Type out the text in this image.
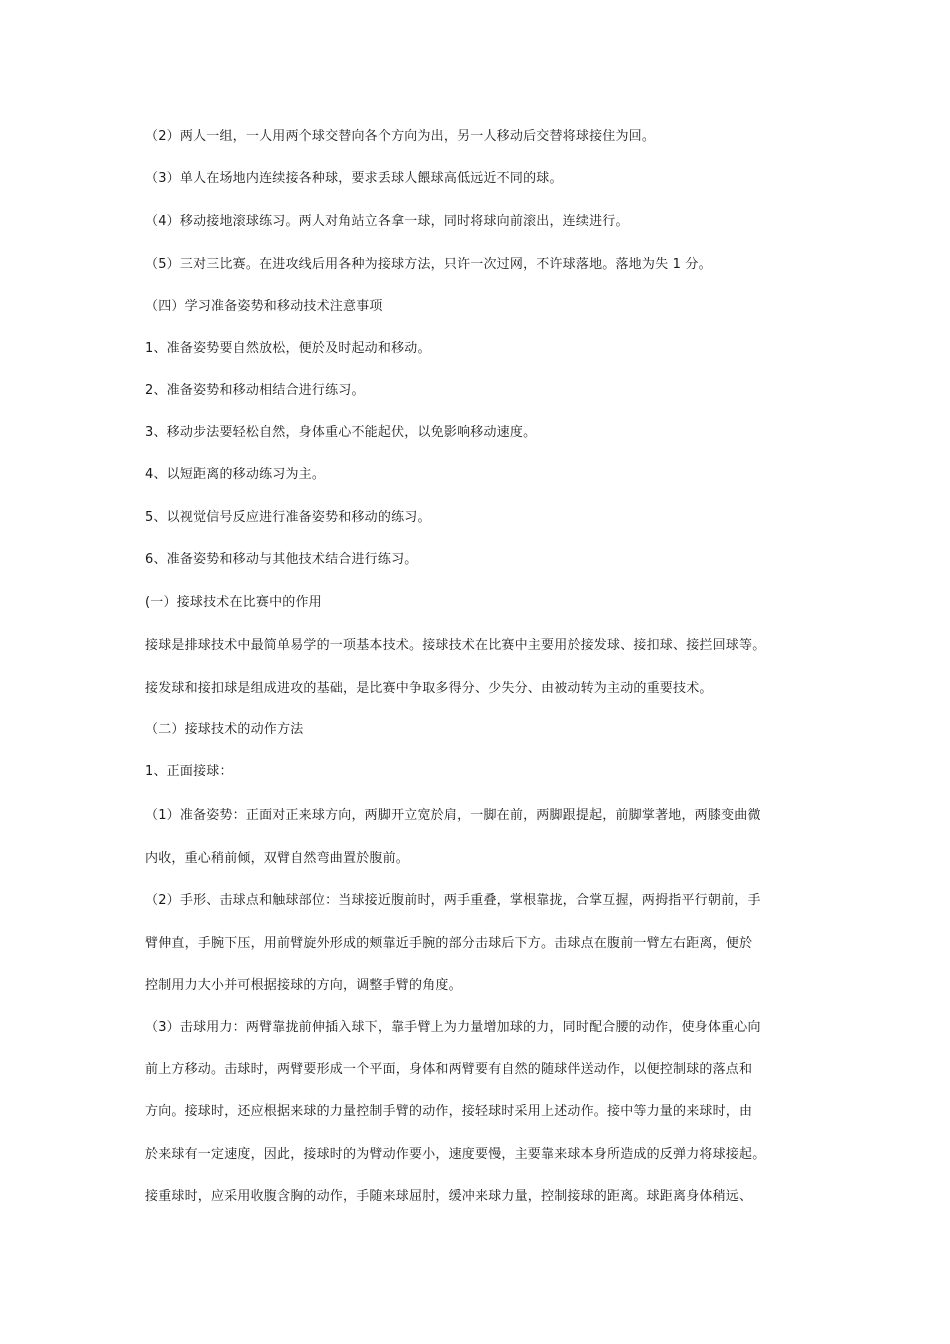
（2）两人一组，一人用两个球交替向各个方向为出，另一人移动后交替将球接住为回。
（3）单人在场地内连续接各种球，要求丢球人餵球高低远近不同的球。
（4）移动接地滚球练习。两人对角站立各拿一球，同时将球向前滚出，连续进行。
（5）三对三比赛。在进攻线后用各种为接球方法，只许一次过网，不许球落地。落地为失 1 分。
（四）学习准备姿势和移动技术注意事项
1、准备姿势要自然放松，便於及时起动和移动。
2、准备姿势和移动相结合进行练习。
3、移动步法要轻松自然，身体重心不能起伏，以免影响移动速度。
4、以短距离的移动练习为主。
5、以视觉信号反应进行准备姿势和移动的练习。
6、准备姿势和移动与其他技术结合进行练习。
(一）接球技术在比赛中的作用
接球是排球技术中最简单易学的一项基本技术。接球技术在比赛中主要用於接发球、接扣球、接拦回球等。
接发球和接扣球是组成进攻的基础，是比赛中争取多得分、少失分、由被动转为主动的重要技术。
（二）接球技术的动作方法
1、正面接球：
（1）准备姿势：正面对正来球方向，两脚开立宽於肩，一脚在前，两脚跟提起，前脚掌著地，两膝变曲微
内收，重心稍前倾，双臂自然弯曲置於腹前。
（2）手形、击球点和触球部位：当球接近腹前时，两手重叠，掌根靠拢，合掌互握，两拇指平行朝前，手
臂伸直，手腕下压，用前臂旋外形成的颊靠近手腕的部分击球后下方。击球点在腹前一臂左右距离，便於
控制用力大小并可根据接球的方向，调整手臂的角度。
（3）击球用力：两臂靠拢前伸插入球下，靠手臂上为力量增加球的力，同时配合腰的动作，使身体重心向
前上方移动。击球时，两臂要形成一个平面，身体和两臂要有自然的随球伴送动作，以便控制球的落点和
方向。接球时，还应根据来球的力量控制手臂的动作，接轻球时采用上述动作。接中等力量的来球时，由
於来球有一定速度，因此，接球时的为臂动作要小，速度要慢，主要靠来球本身所造成的反弹力将球接起。
接重球时，应采用收腹含胸的动作，手随来球屈肘，缓冲来球力量，控制接球的距离。球距离身体稍远、
